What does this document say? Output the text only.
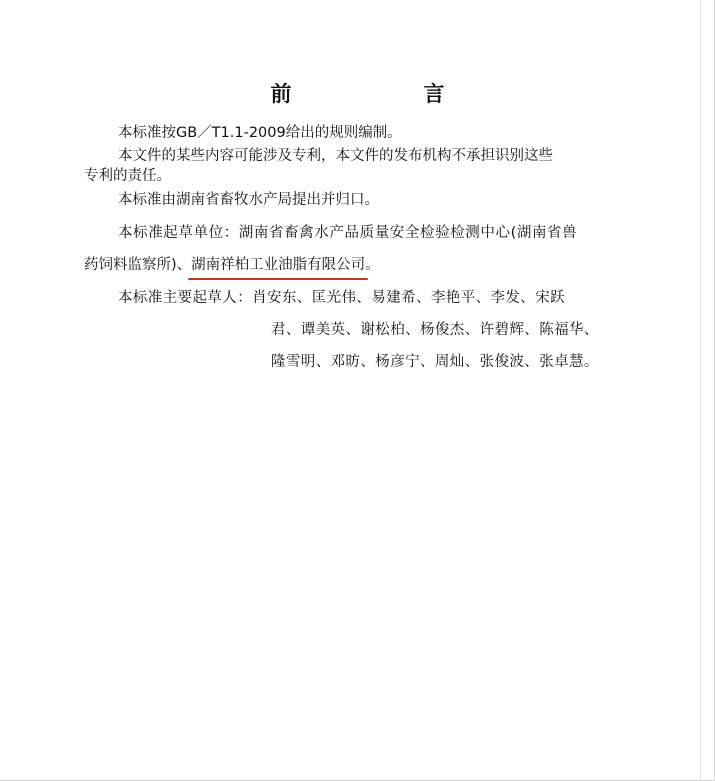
前　　言
本标准按GB／T1.1-2009给出的规则编制。
本文件的某些内容可能涉及专利，本文件的发布机构不承担识别这些
专利的责任。
本标准由湖南省畜牧水产局提出并归口。
本标准起草单位：湖南省畜禽水产品质量安全检验检测中心(湖南省兽
药饲料监察所)、湖南祥柏工业油脂有限公司。
本标准主要起草人：肖安东、匡光伟、易建希、李艳平、李发、宋跃
君、谭美英、谢松柏、杨俊杰、许碧辉、陈福华、
隆雪明、邓昉、杨彦宁、周灿、张俊波、张卓慧。
